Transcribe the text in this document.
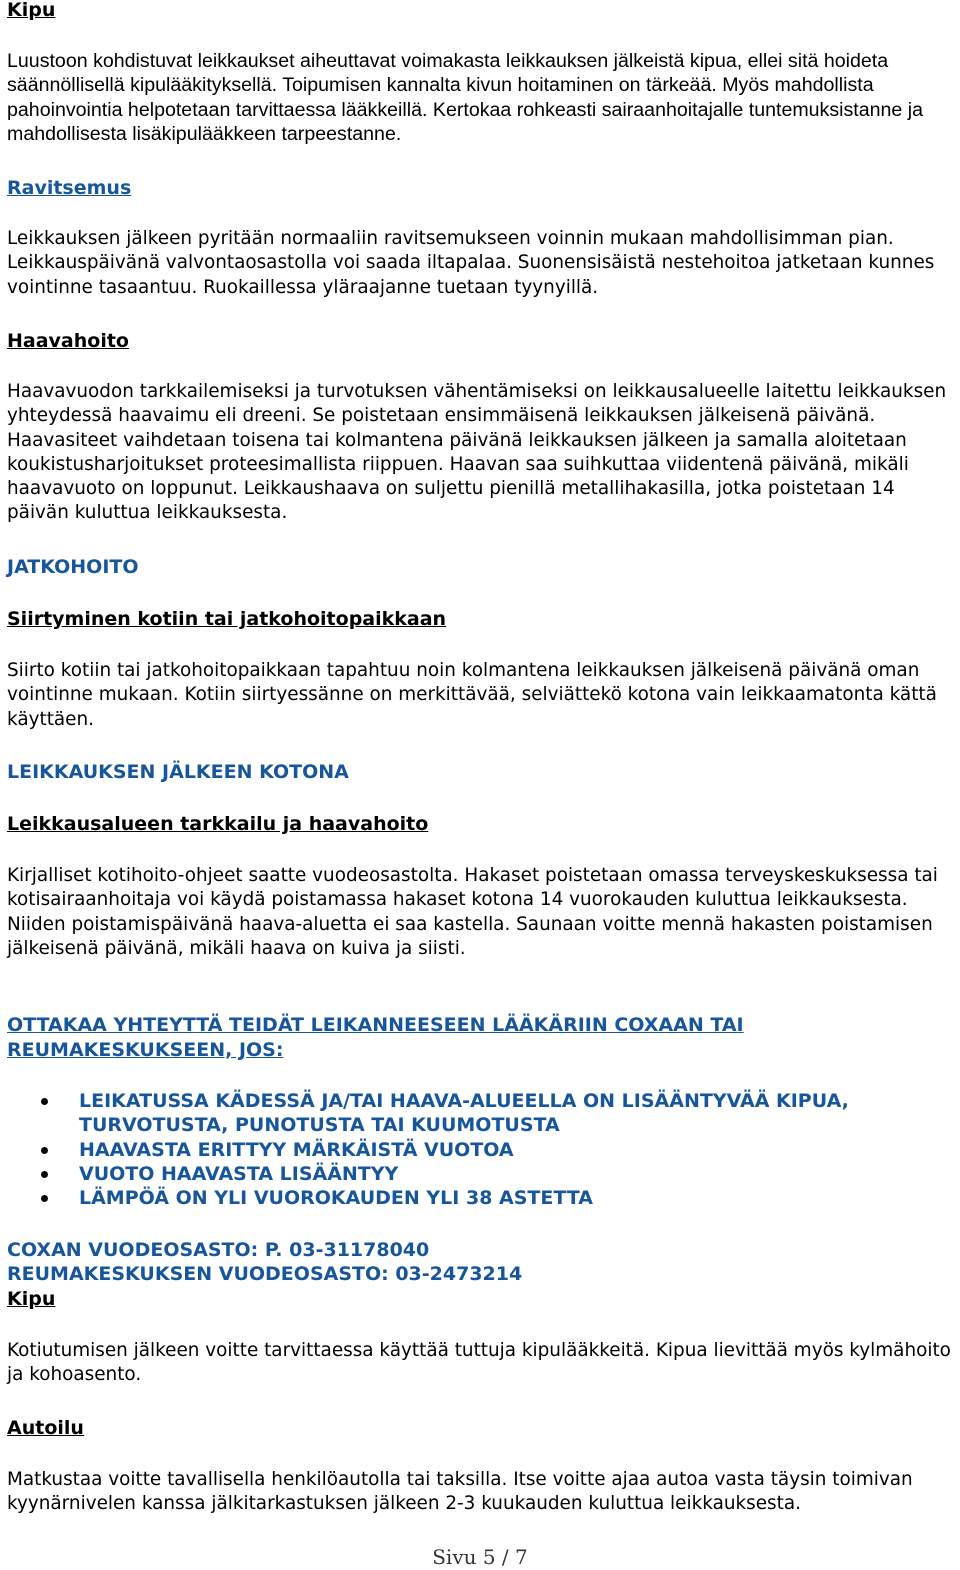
Kipu

Luustoon kohdistuvat leikkaukset aiheuttavat voimakasta leikkauksen jälkeistä kipua, ellei sitä hoideta säännöllisellä kipulääkityksellä. Toipumisen kannalta kivun hoitaminen on tärkeää. Myös mahdollista pahoinvointia helpotetaan tarvittaessa lääkkeillä. Kertokaa rohkeasti sairaanhoitajalle tuntemuksistanne ja mahdollisesta lisäkipulääkkeen tarpeestanne.

Ravitsemus

Leikkauksen jälkeen pyritään normaaliin ravitsemukseen voinnin mukaan mahdollisimman pian. Leikkauspäivänä valvontaosastolla voi saada iltapalaa. Suonensisäistä nestehoitoa jatketaan kunnes vointinne tasaantuu. Ruokaillessa yläraajanne tuetaan tyynyillä.

Haavahoito

Haavavuodon tarkkailemiseksi ja turvotuksen vähentämiseksi on leikkausalueelle laitettu leikkauksen yhteydessä haavaimu eli dreeni. Se poistetaan ensimmäisenä leikkauksen jälkeisenä päivänä. Haavasiteet vaihdetaan toisena tai kolmantena päivänä leikkauksen jälkeen ja samalla aloitetaan koukistusharjoitukset proteesimallista riippuen. Haavan saa suihkuttaa viidentenä päivänä, mikäli haavavuoto on loppunut. Leikkaushaava on suljettu pienillä metallihakasilla, jotka poistetaan 14 päivän kuluttua leikkauksesta.

JATKOHOITO
Siirtyminen kotiin tai jatkohoitopaikkaan

Siirto kotiin tai jatkohoitopaikkaan tapahtuu noin kolmantena leikkauksen jälkeisenä päivänä oman vointinne mukaan. Kotiin siirtyessänne on merkittävää, selviättekö kotona vain leikkaamatonta kättä käyttäen.

LEIKKAUKSEN JÄLKEEN KOTONA
Leikkausalueen tarkkailu ja haavahoito

Kirjalliset kotihoito-ohjeet saatte vuodeosastolta. Hakaset poistetaan omassa terveyskeskuksessa tai kotisairaanhoitaja voi käydä poistamassa hakaset kotona 14 vuorokauden kuluttua leikkauksesta. Niiden poistamispäivänä haava-aluetta ei saa kastella. Saunaan voitte mennä hakasten poistamisen jälkeisenä päivänä, mikäli haava on kuiva ja siisti.

OTTAKAA YHTEYTTÄ TEIDÄT LEIKANNEESEEN LÄÄKÄRIIN COXAAN TAI REUMAKESKUKSEEN, JOS:
LEIKATUSSA KÄDESSÄ JA/TAI HAAVA-ALUEELLA ON LISÄÄNTYVÄÄ KIPUA, TURVOTUSTA, PUNOTUSTA TAI KUUMOTUSTA
HAAVASTA ERITTYY MÄRKÄISTÄ VUOTOA
VUOTO HAAVASTA LISÄÄNTYY
LÄMPÖÄ ON YLI VUOROKAUDEN YLI 38 ASTETTA
COXAN VUODEOSASTO: P. 03-31178040
REUMAKESKUKSEN VUODEOSASTO: 03-2473214
Kipu

Kotiutumisen jälkeen voitte tarvittaessa käyttää tuttuja kipulääkkeitä. Kipua lievittää myös kylmähoito ja kohoasento.

Autoilu

Matkustaa voitte tavallisella henkilöautolla tai taksilla. Itse voitte ajaa autoa vasta täysin toimivan kyynärnivelen kanssa jälkitarkastuksen jälkeen 2-3 kuukauden kuluttua leikkauksesta.

Sivu 5 / 7
